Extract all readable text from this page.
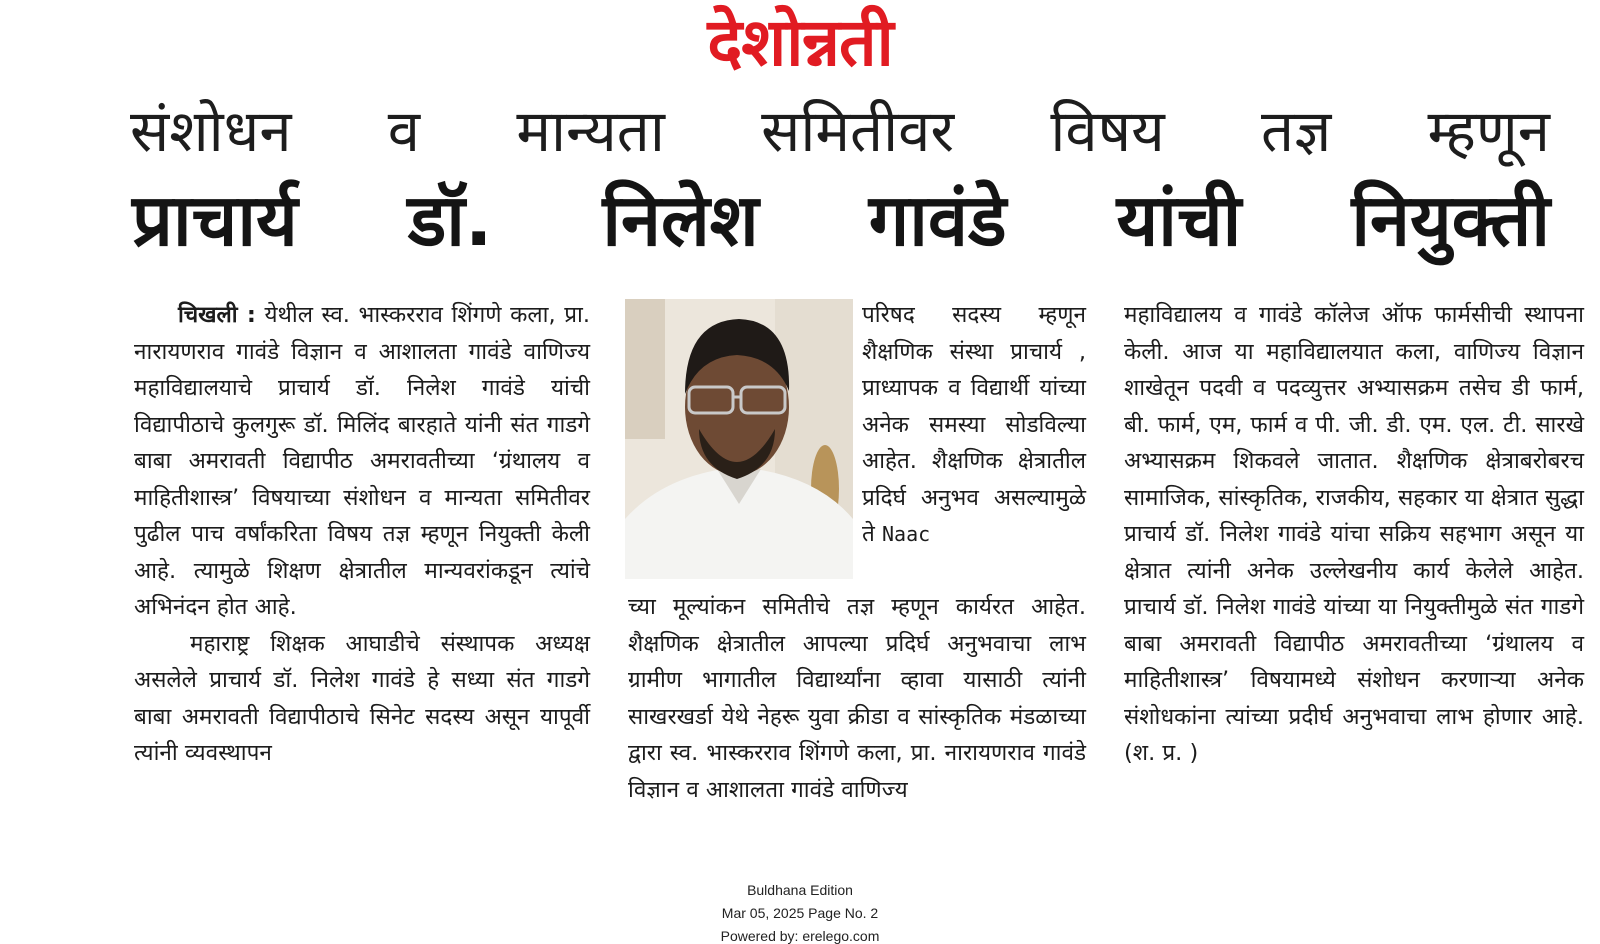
देशोन्नती
संशोधन व मान्यता समितीवर विषय तज्ञ म्हणून
प्राचार्य डॉ. निलेश गावंडे यांची नियुक्ती

चिखली : येथील स्व. भास्करराव शिंगणे कला, प्रा. नारायणराव गावंडे विज्ञान व आशालता गावंडे वाणिज्य महाविद्यालयाचे प्राचार्य डॉ. निलेश गावंडे यांची विद्यापीठाचे कुलगुरू डॉ. मिलिंद बारहाते यांनी संत गाडगे बाबा अमरावती विद्यापीठ अमरावतीच्या ‘ग्रंथालय व माहितीशास्त्र’ विषयाच्या संशोधन व मान्यता समितीवर पुढील पाच वर्षांकरिता विषय तज्ञ म्हणून नियुक्ती केली आहे. त्यामुळे शिक्षण क्षेत्रातील मान्यवरांकडून त्यांचे अभिनंदन होत आहे.

महाराष्ट्र शिक्षक आघाडीचे संस्थापक अध्यक्ष असलेले प्राचार्य डॉ. निलेश गावंडे हे सध्या संत गाडगे बाबा अमरावती विद्यापीठाचे सिनेट सदस्य असून यापूर्वी त्यांनी व्यवस्थापन

परिषद सदस्य म्हणून शैक्षणिक संस्था प्राचार्य , प्राध्यापक व विद्यार्थी यांच्या अनेक समस्या सोडविल्या आहेत. शैक्षणिक क्षेत्रातील प्रदिर्घ अनुभव असल्यामुळे ते Naac

च्या मूल्यांकन समितीचे तज्ञ म्हणून कार्यरत आहेत. शैक्षणिक क्षेत्रातील आपल्या प्रदिर्घ अनुभवाचा लाभ ग्रामीण भागातील विद्यार्थ्यांना व्हावा यासाठी त्यांनी साखरखर्डा येथे नेहरू युवा क्रीडा व सांस्कृतिक मंडळाच्या द्वारा स्व. भास्करराव शिंगणे कला, प्रा. नारायणराव गावंडे विज्ञान व आशालता गावंडे वाणिज्य

महाविद्यालय व गावंडे कॉलेज ऑफ फार्मसीची स्थापना केली. आज या महाविद्यालयात कला, वाणिज्य विज्ञान शाखेतून पदवी व पदव्युत्तर अभ्यासक्रम तसेच डी फार्म, बी. फार्म, एम, फार्म व पी. जी. डी. एम. एल. टी. सारखे अभ्यासक्रम शिकवले जातात. शैक्षणिक क्षेत्राबरोबरच सामाजिक, सांस्कृतिक, राजकीय, सहकार या क्षेत्रात सुद्धा प्राचार्य डॉ. निलेश गावंडे यांचा सक्रिय सहभाग असून या क्षेत्रात त्यांनी अनेक उल्लेखनीय कार्य केलेले आहेत. प्राचार्य डॉ. निलेश गावंडे यांच्या या नियुक्तीमुळे संत गाडगे बाबा अमरावती विद्यापीठ अमरावतीच्या ‘ग्रंथालय व माहितीशास्त्र’ विषयामध्ये संशोधन करणाऱ्या अनेक संशोधकांना त्यांच्या प्रदीर्घ अनुभवाचा लाभ होणार आहे. (श. प्र. )

Buldhana Edition
Mar 05, 2025 Page No. 2
Powered by: erelego.com
